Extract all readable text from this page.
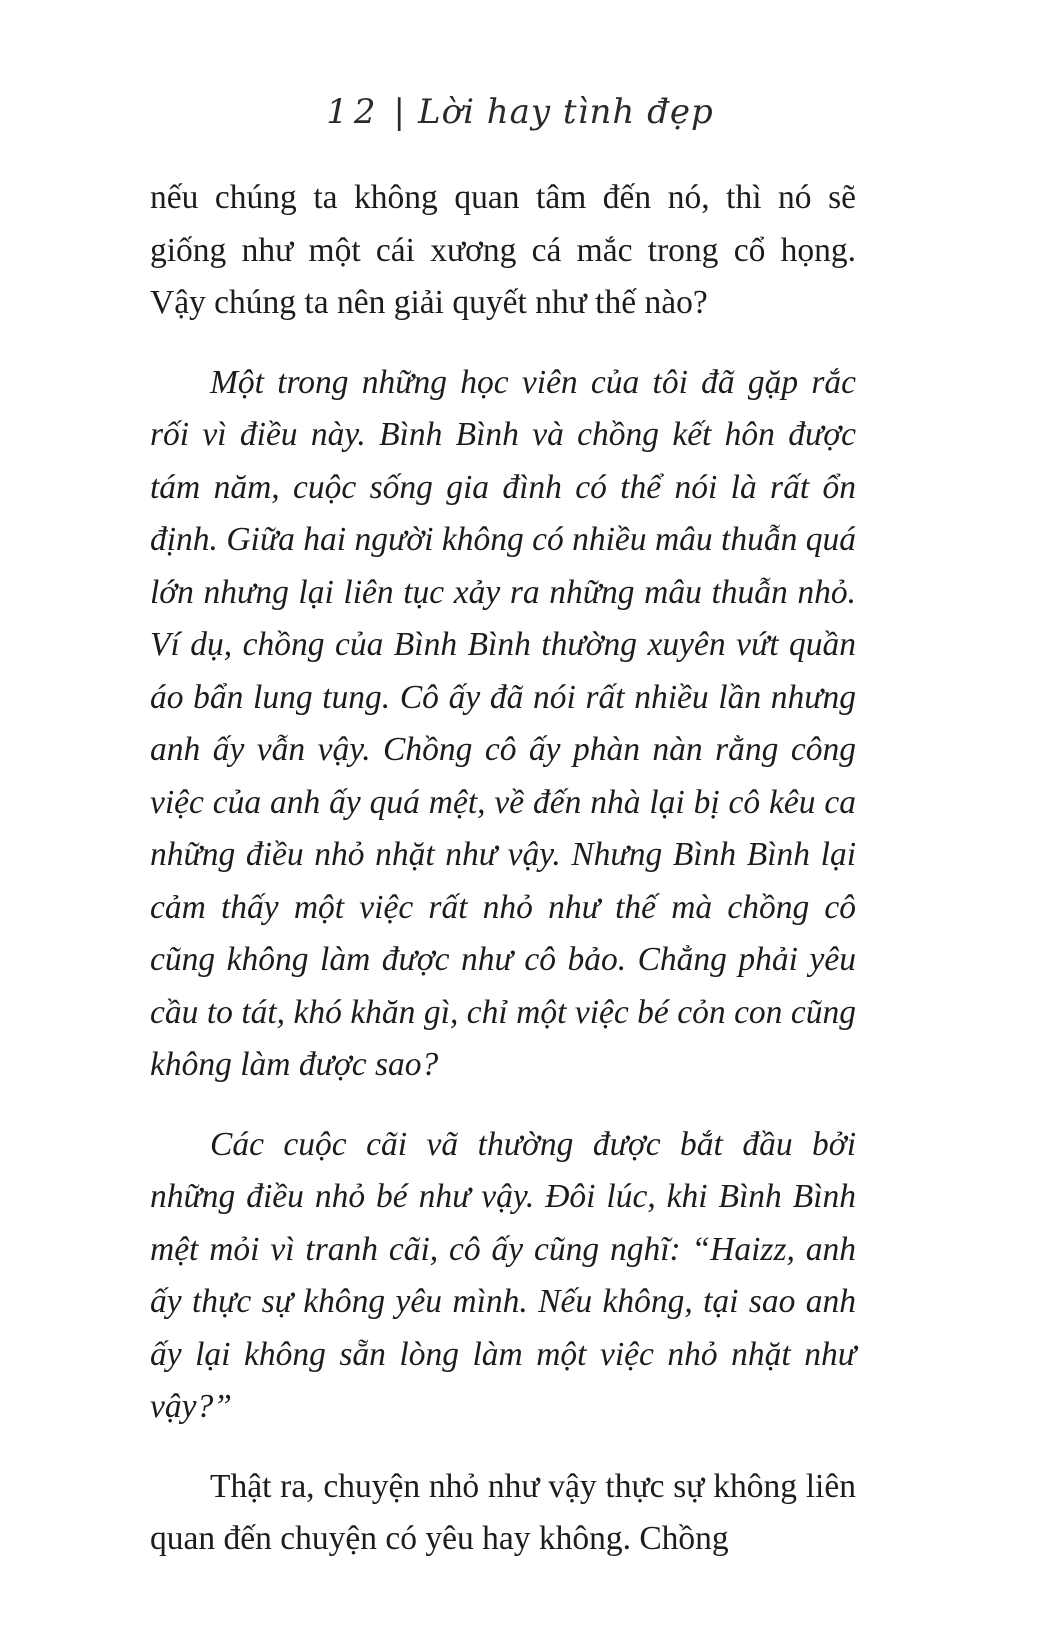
12 | Lời hay tình đẹp

nếu chúng ta không quan tâm đến nó, thì nó sẽ giống như một cái xương cá mắc trong cổ họng. Vậy chúng ta nên giải quyết như thế nào?

Một trong những học viên của tôi đã gặp rắc rối vì điều này. Bình Bình và chồng kết hôn được tám năm, cuộc sống gia đình có thể nói là rất ổn định. Giữa hai người không có nhiều mâu thuẫn quá lớn nhưng lại liên tục xảy ra những mâu thuẫn nhỏ. Ví dụ, chồng của Bình Bình thường xuyên vứt quần áo bẩn lung tung. Cô ấy đã nói rất nhiều lần nhưng anh ấy vẫn vậy. Chồng cô ấy phàn nàn rằng công việc của anh ấy quá mệt, về đến nhà lại bị cô kêu ca những điều nhỏ nhặt như vậy. Nhưng Bình Bình lại cảm thấy một việc rất nhỏ như thế mà chồng cô cũng không làm được như cô bảo. Chẳng phải yêu cầu to tát, khó khăn gì, chỉ một việc bé cỏn con cũng không làm được sao?

Các cuộc cãi vã thường được bắt đầu bởi những điều nhỏ bé như vậy. Đôi lúc, khi Bình Bình mệt mỏi vì tranh cãi, cô ấy cũng nghĩ: “Haizz, anh ấy thực sự không yêu mình. Nếu không, tại sao anh ấy lại không sẵn lòng làm một việc nhỏ nhặt như vậy?”

Thật ra, chuyện nhỏ như vậy thực sự không liên quan đến chuyện có yêu hay không. Chồng
